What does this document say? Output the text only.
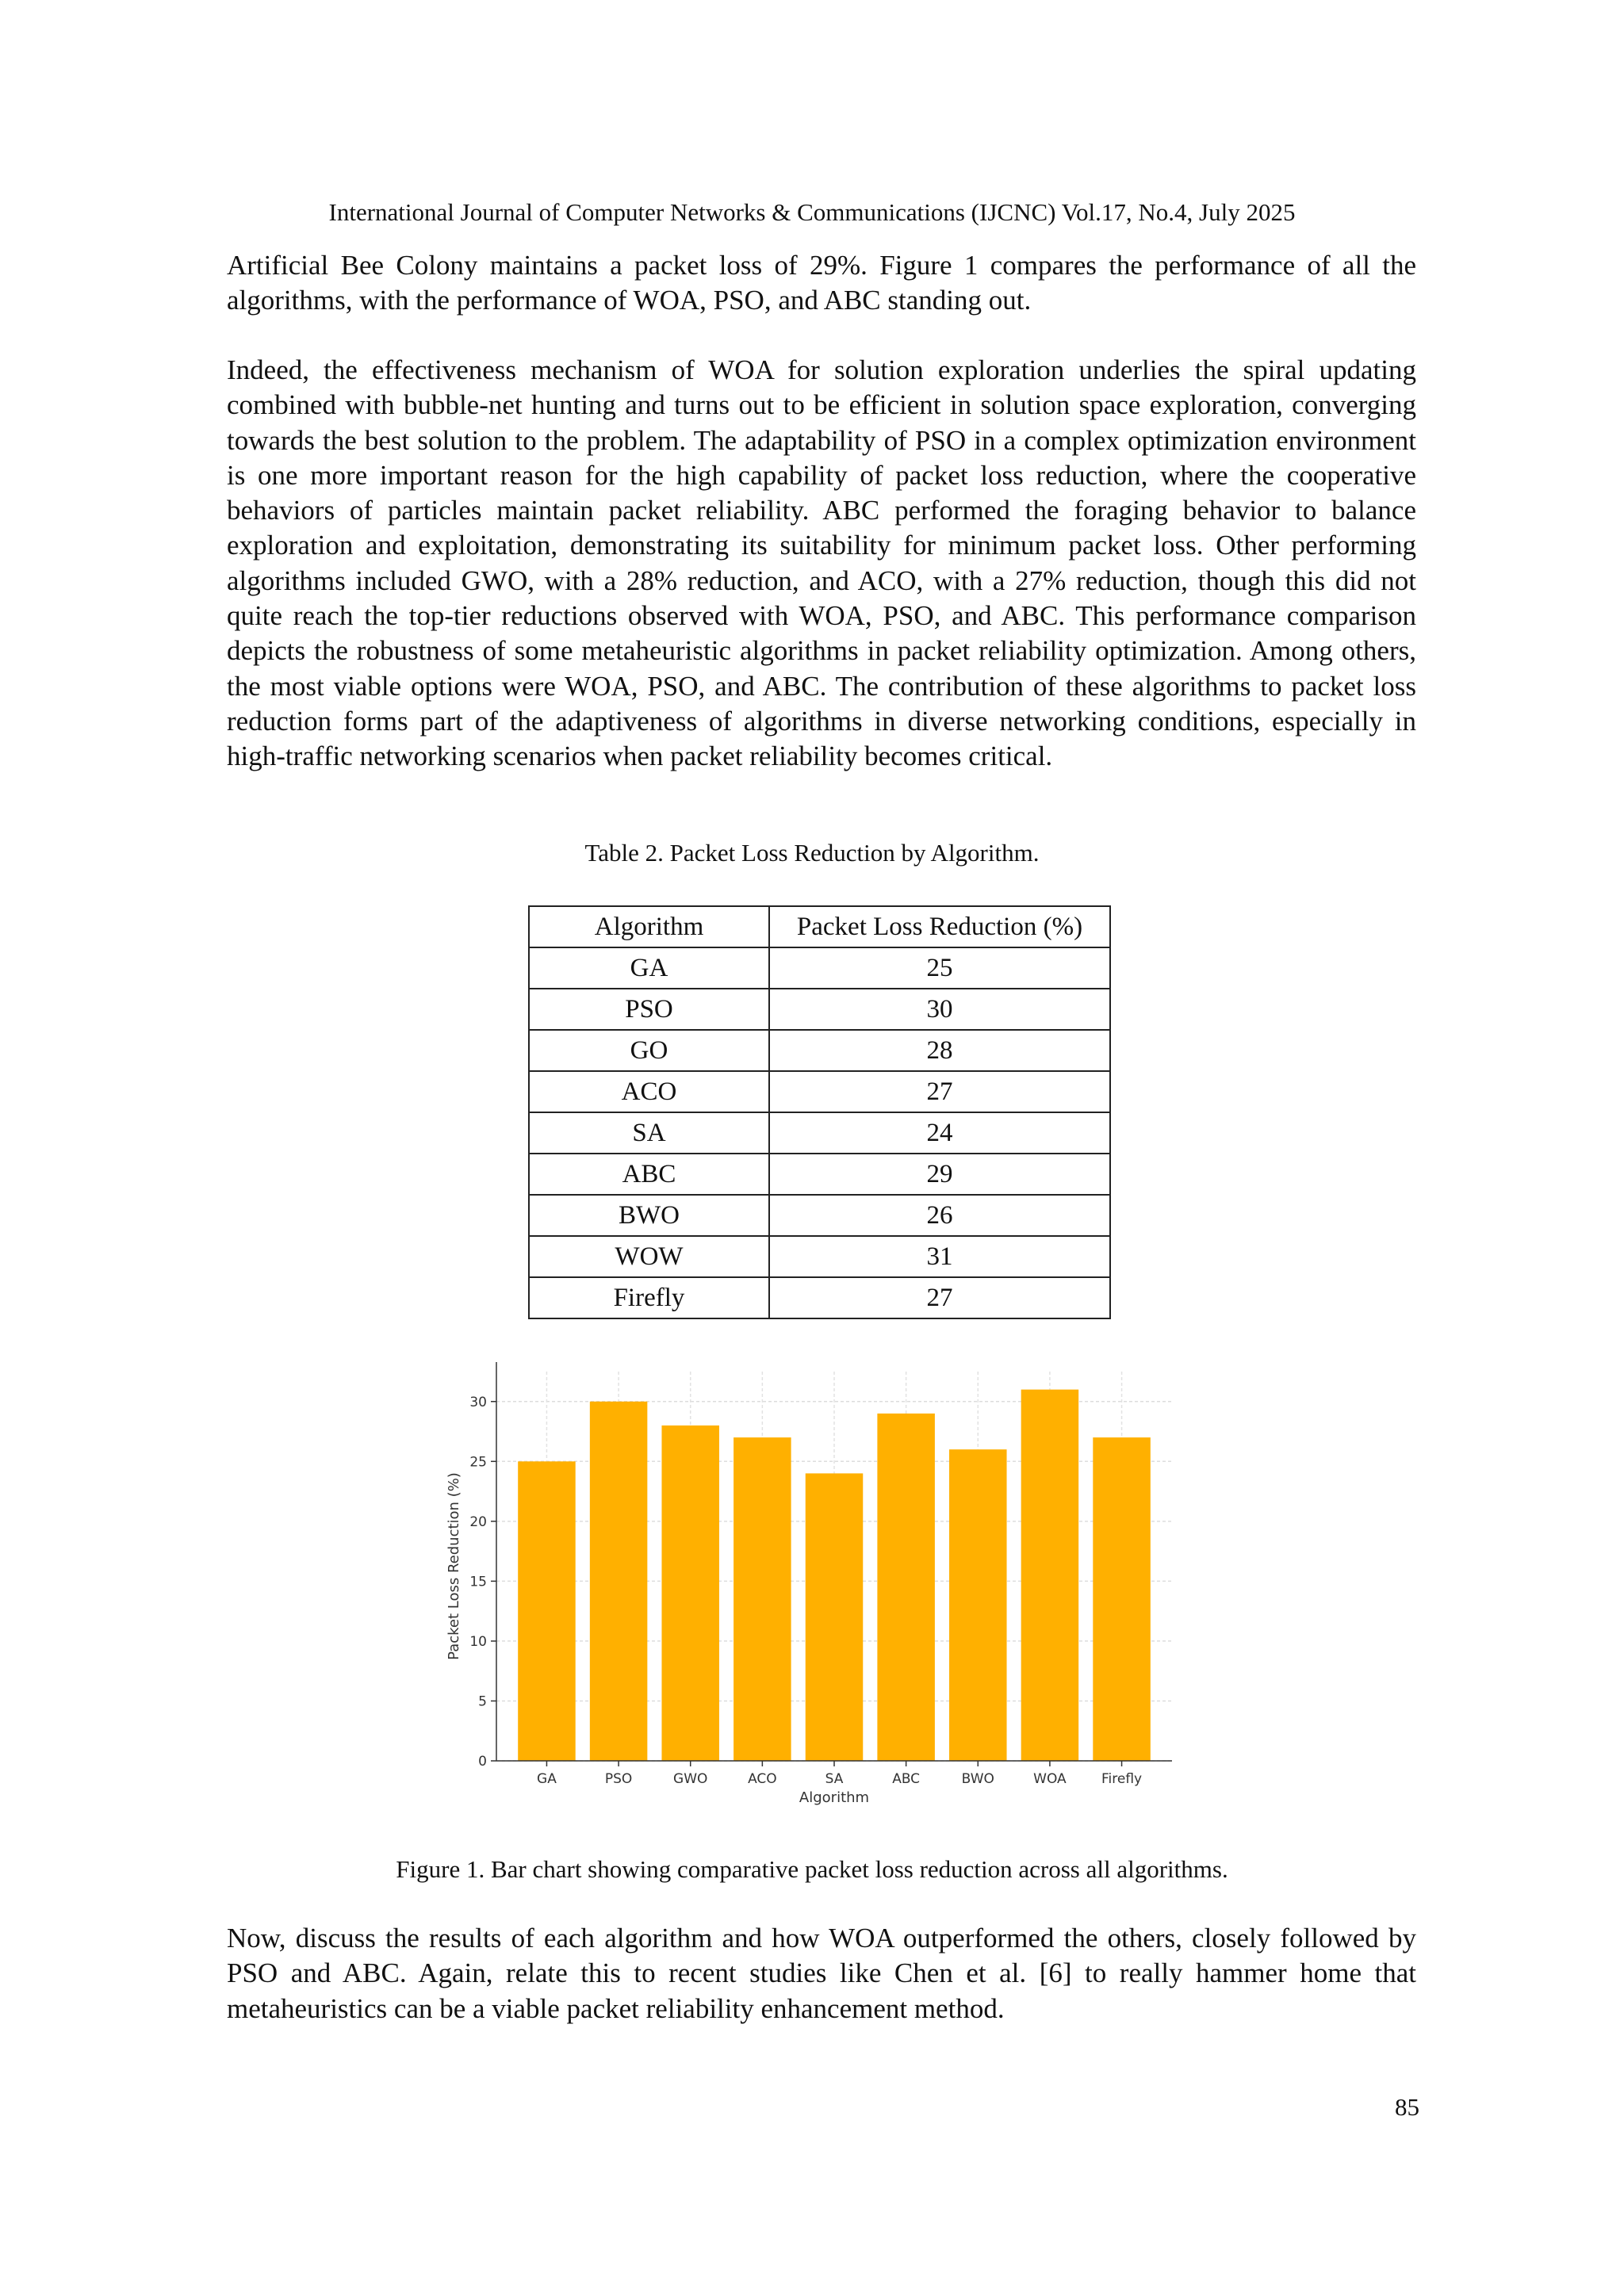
International Journal of Computer Networks & Communications (IJCNC) Vol.17, No.4, July 2025

Artificial Bee Colony maintains a packet loss of 29%. Figure 1 compares the performance of all the algorithms, with the performance of WOA, PSO, and ABC standing out.

Indeed, the effectiveness mechanism of WOA for solution exploration underlies the spiral updating combined with bubble-net hunting and turns out to be efficient in solution space exploration, converging towards the best solution to the problem. The adaptability of PSO in a complex optimization environment is one more important reason for the high capability of packet loss reduction, where the cooperative behaviors of particles maintain packet reliability. ABC performed the foraging behavior to balance exploration and exploitation, demonstrating its suitability for minimum packet loss. Other performing algorithms included GWO, with a 28% reduction, and ACO, with a 27% reduction, though this did not quite reach the top-tier reductions observed with WOA, PSO, and ABC. This performance comparison depicts the robustness of some metaheuristic algorithms in packet reliability optimization. Among others, the most viable options were WOA, PSO, and ABC. The contribution of these algorithms to packet loss reduction forms part of the adaptiveness of algorithms in diverse networking conditions, especially in high-traffic networking scenarios when packet reliability becomes critical.

Table 2. Packet Loss Reduction by Algorithm.
Algorithm	Packet Loss Reduction (%)
GA	25
PSO	30
GO	28
ACO	27
SA	24
ABC	29
BWO	26
WOW	31
Firefly	27
0
5
10
15
20
25
30
GA	PSO	GWO	ACO	SA	ABC	BWO	WOA	Firefly
Algorithm
Packet Loss Reduction (%)
Figure 1. Bar chart showing comparative packet loss reduction across all algorithms.

Now, discuss the results of each algorithm and how WOA outperformed the others, closely followed by PSO and ABC. Again, relate this to recent studies like Chen et al. [6] to really hammer home that metaheuristics can be a viable packet reliability enhancement method.

85
